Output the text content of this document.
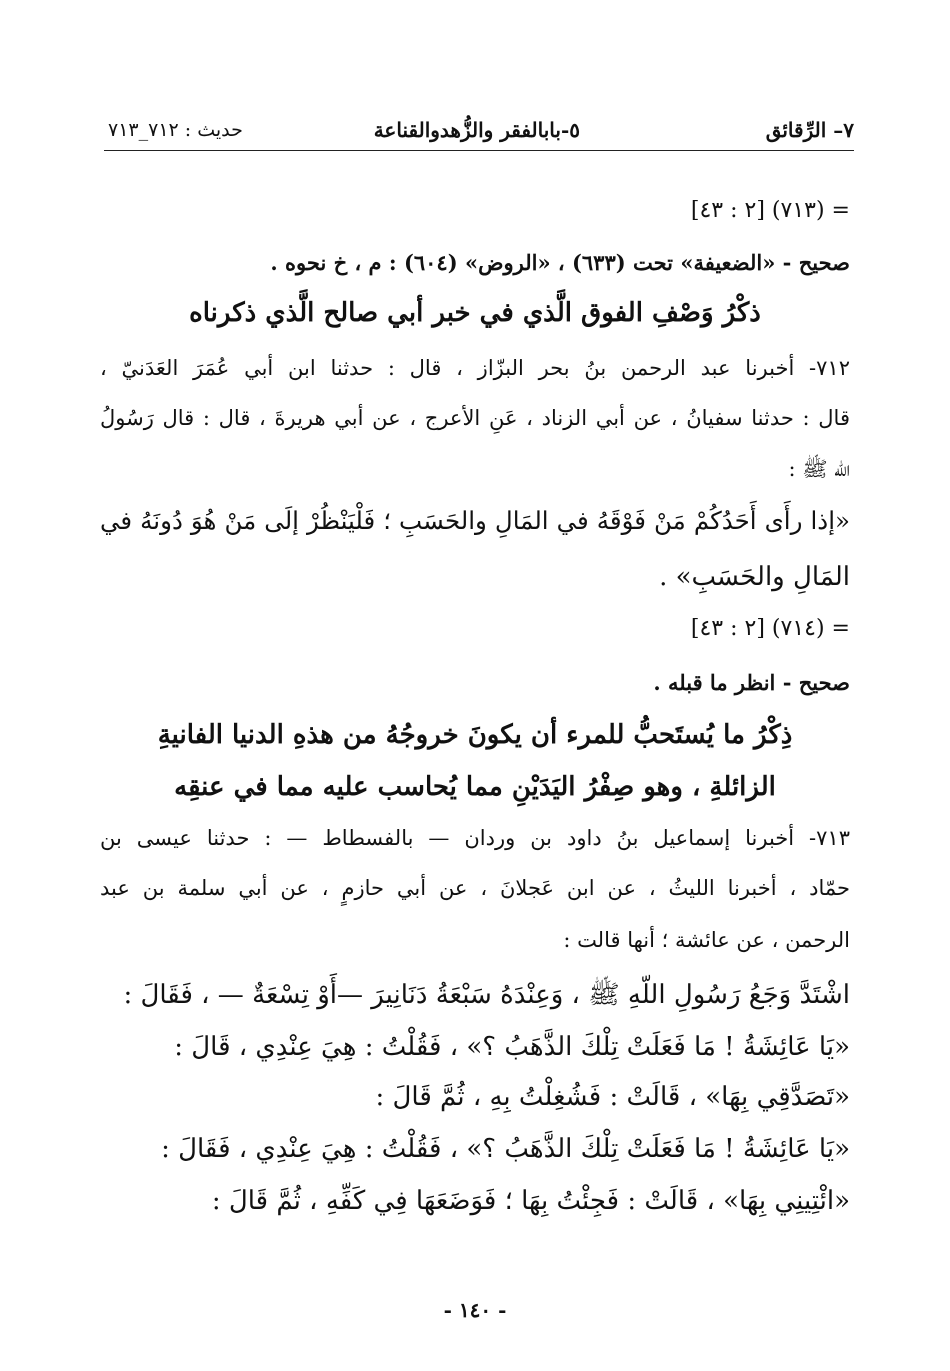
٧– الرِّقائق
٥-بابالفقر والزُّهدوالقناعة
حديث : ٧١٢_٧١٣
= (٧١٣) [٢ : ٤٣]
صحيح - «الضعيفة» تحت (٦٣٣) ، «الروض» (٦٠٤) : م ، خ نحوه .
ذكْرُ وَصْفِ الفوق الَّذي في خبر أبي صالح الَّذي ذكرناه
٧١٢- أخبرنا عبد الرحمن بنُ بحر البزّاز ، قال : حدثنا ابن أبي عُمَرَ العَدَنيّ ،
قال : حدثنا سفيانُ ، عن أبي الزناد ، عَنِ الأعرج ، عن أبي هريرةَ ، قال : قال رَسُولُ
اللّه ﷺ :
«إذا رأَى أَحَدُكُمْ مَنْ فَوْقَهُ في المَالِ والحَسَبِ ؛ فَلْيَنْظُرْ إلَى مَنْ هُوَ دُونَهُ في
المَالِ والحَسَبِ» .
= (٧١٤) [٢ : ٤٣]
صحيح - انظر ما قبله .
ذِكْرُ ما يُستَحبُّ للمرء أن يكونَ خروجُهُ من هذهِ الدنيا الفانيةِ
الزائلةِ ، وهو صِفْرُ اليَدَيْنِ مما يُحاسب عليه مما في عنقِه
٧١٣- أخبرنا إسماعيل بنُ داود بن وردان — بالفسطاط — : حدثنا عيسى بن
حمّاد ، أخبرنا الليثُ ، عن ابن عَجلانَ ، عن أبي حازمٍ ، عن أبي سلمة بن عبد
الرحمن ، عن عائشة ؛ أنها قالت :
اشْتَدَّ وَجَعُ رَسُولِ اللّهِ ﷺ ، وَعِنْدَهُ سَبْعَةُ دَنَانِيرَ —أَوْ تِسْعَةٌ — ، فَقَالَ :
«يَا عَائِشَةُ ! مَا فَعَلَتْ تِلْكَ الذَّهَبُ ؟» ، فَقُلْتُ : هِيَ عِنْدِي ، قَالَ :
«تَصَدَّقِي بِهَا» ، قَالَتْ : فَشُغِلْتُ بِهِ ، ثُمَّ قَالَ :
«يَا عَائِشَةُ ! مَا فَعَلَتْ تِلْكَ الذَّهَبُ ؟» ، فَقُلْتُ : هِيَ عِنْدِي ، فَقَالَ :
«ائْتِينِي بِهَا» ، قَالَتْ : فَجِئْتُ بِهَا ؛ فَوَضَعَهَا فِي كَفِّهِ ، ثُمَّ قَالَ :
- ١٤٠ -
